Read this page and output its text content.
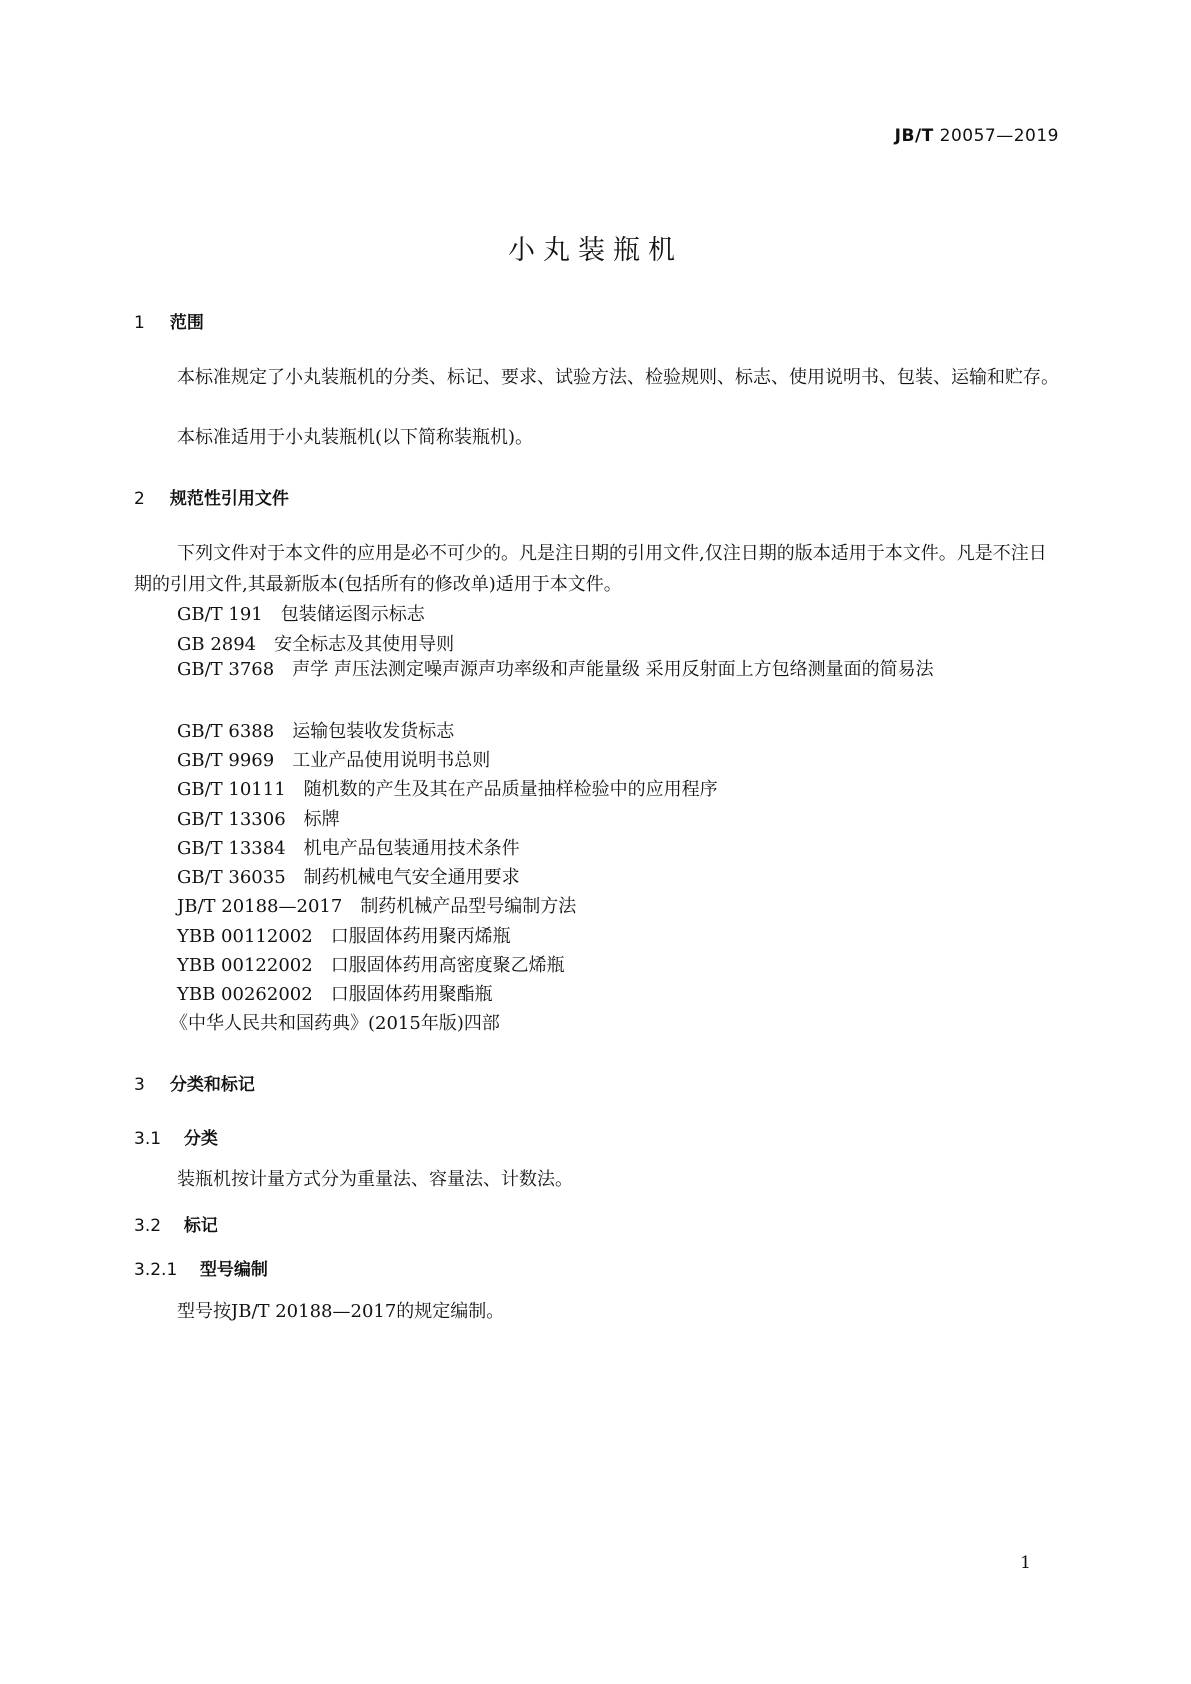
JB/T 20057—2019
小丸装瓶机
1 范围
本标准规定了小丸装瓶机的分类、标记、要求、试验方法、检验规则、标志、使用说明书、包装、运输和贮存。
本标准适用于小丸装瓶机(以下简称装瓶机)。
2 规范性引用文件
下列文件对于本文件的应用是必不可少的。凡是注日期的引用文件,仅注日期的版本适用于本文件。凡是不注日期的引用文件,其最新版本(包括所有的修改单)适用于本文件。
GB/T 191 包装储运图示标志
GB 2894 安全标志及其使用导则
GB/T 3768 声学 声压法测定噪声源声功率级和声能量级 采用反射面上方包络测量面的简易法
GB/T 6388 运输包装收发货标志
GB/T 9969 工业产品使用说明书总则
GB/T 10111 随机数的产生及其在产品质量抽样检验中的应用程序
GB/T 13306 标牌
GB/T 13384 机电产品包装通用技术条件
GB/T 36035 制药机械电气安全通用要求
JB/T 20188—2017 制药机械产品型号编制方法
YBB 00112002 口服固体药用聚丙烯瓶
YBB 00122002 口服固体药用高密度聚乙烯瓶
YBB 00262002 口服固体药用聚酯瓶
《中华人民共和国药典》(2015年版)四部
3 分类和标记
3.1 分类
装瓶机按计量方式分为重量法、容量法、计数法。
3.2 标记
3.2.1 型号编制
型号按JB/T 20188—2017的规定编制。
1
